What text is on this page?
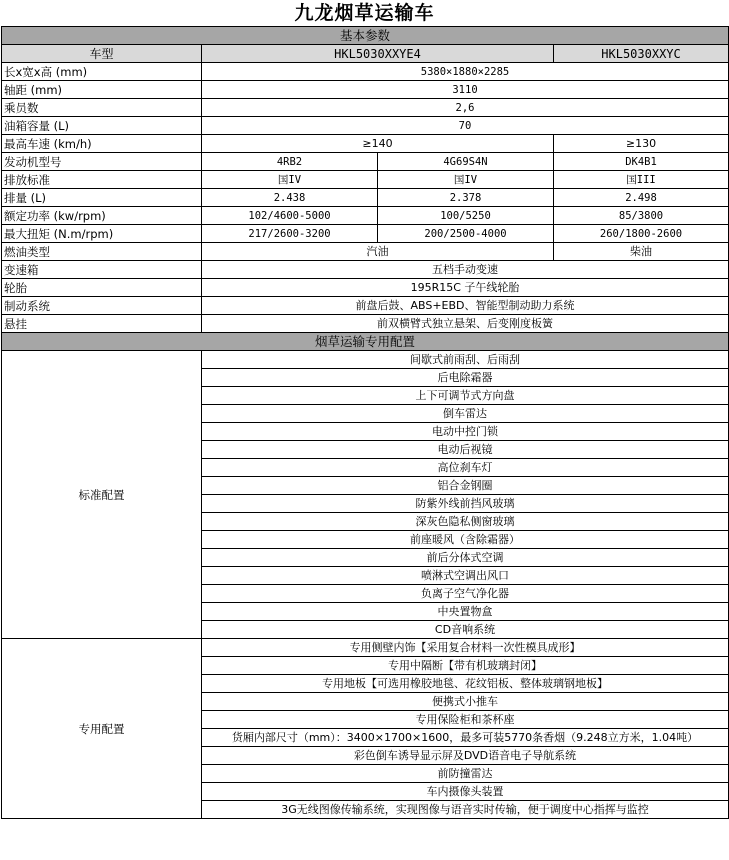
九龙烟草运输车
基本参数			
车型	HKL5030XXYE4		HKL5030XXYC
长x宽x高 (mm)	5380×1880×2285		
轴距 (mm)	3110		
乘员数	2,6		
油箱容量 (L)	70		
最高车速 (km/h)	≥140		≥130
发动机型号	4RB2	4G69S4N	DK4B1
排放标准	国IV	国IV	国III
排量 (L)	2.438	2.378	2.498
额定功率 (kw/rpm)	102/4600-5000	100/5250	85/3800
最大扭矩 (N.m/rpm)	217/2600-3200	200/2500-4000	260/1800-2600
燃油类型	汽油		柴油
变速箱	五档手动变速		
轮胎	195R15C 子午线轮胎		
制动系统	前盘后鼓、ABS+EBD、智能型制动助力系统		
悬挂	前双横臂式独立悬架、后变刚度板簧		
烟草运输专用配置			
标准配置	间歇式前雨刮、后雨刮		
	后电除霜器		
	上下可调节式方向盘		
	倒车雷达		
	电动中控门锁		
	电动后视镜		
	高位刹车灯		
	铝合金钢圈		
	防紫外线前挡风玻璃		
	深灰色隐私侧窗玻璃		
	前座暖风（含除霜器）		
	前后分体式空调		
	喷淋式空调出风口		
	负离子空气净化器		
	中央置物盒		
	CD音响系统		
专用配置	专用侧壁内饰【采用复合材料一次性模具成形】		
	专用中隔断【带有机玻璃封闭】		
	专用地板【可选用橡胶地毯、花纹铝板、整体玻璃钢地板】		
	便携式小推车		
	专用保险柜和茶杯座		
	货厢内部尺寸（mm）：3400×1700×1600，最多可装5770条香烟（9.248立方米，1.04吨）		
	彩色倒车诱导显示屏及DVD语音电子导航系统		
	前防撞雷达		
	车内摄像头装置		
	3G无线图像传输系统，实现图像与语音实时传输，便于调度中心指挥与监控		
